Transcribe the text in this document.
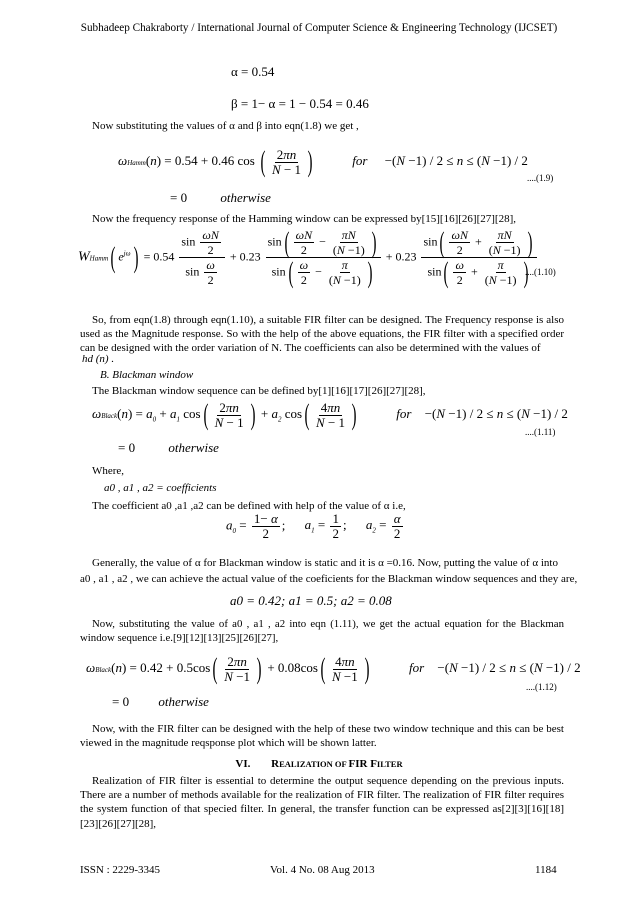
Subhadeep Chakraborty / International Journal of Computer Science & Engineering Technology (IJCSET)
α = 0.54
β = 1− α = 1 − 0.54 = 0.46
Now substituting the values of α and β into eqn(1.8) we get ,
ωHamm(n) = 0.54 + 0.46 cos ( $\frac{2\pi n}{N - 1}$ )	for −(N −1) / 2 ≤ n ≤ (N −1) / 2
= 0 otherwise
....(1.9)
Now the frequency response of the Hamming window can be expressed by[15][16][26][27][28],
WHamm( $e^{j\omega}) = 0.54 \frac{\sin \frac{\omega N}{2}}{\sin \frac{\omega}{2}} + 0.23 \frac{\sin( \frac{\omega N}{2} - \frac{\pi N}{(N -1)} )}{\sin( \frac{\omega}{2} - \frac{\pi}{(N -1)} )} + 0.23 \frac{\sin( \frac{\omega N}{2} + \frac{\pi N}{(N -1)} )}{\sin( \frac{\omega}{2} + \frac{\pi}{(N -1)} )}$
....(1.10)
So, from eqn(1.8) through eqn(1.10), a suitable FIR filter can be designed. The Frequency response is also used as the Magnitude response. So with the help of the above equations, the FIR filter with a specified order can be designed with the order variation of N. The coefficients can also be determined with the values of
hd (n) .
B. Blackman window
The Blackman window sequence can be defined by[1][16][17][26][27][28],
ωBlack(n) = $a_0 + a_1$ $\cos( \frac{2\pi n}{N - 1}$ ) + $a_2$ $\cos( \frac{4\pi n}{N - 1}$ )	for −(N −1) / 2 ≤ n ≤ (N −1) / 2
= 0 otherwise
....(1.11)
Where,
a0 , a1 , a2 = coefficients
The coefficient a0 ,a1 ,a2 can be defined with help of the value of α i.e,
$a_0 = \frac{1- \alpha}{2}$ ; $a_1 = \frac{1}{2}$ ; $a_2 = \frac{\alpha}{2}$
Generally, the value of α for Blackman window is static and it is α =0.16. Now, putting the value of α into
a0 , a1 , a2 , we can achieve the actual value of the coeficients for the Blackman window sequences and they are,
a0 = 0.42; a1 = 0.5; a2 = 0.08
Now, substituting the value of a0 , a1 , a2 into eqn (1.11), we get the actual equation for the Blackman window sequence i.e.[9][12][13][25][26][27],
ωBlack(n) = $0.42 + 0.5\cos( \frac{2\pi n}{N -1}$ ) + $0.08\cos( \frac{4\pi n}{N -1}$ )	for −(N −1) / 2 ≤ n ≤ (N −1) / 2
= 0 otherwise
....(1.12)
Now, with the FIR filter can be designed with the help of these two window technique and this can be best viewed in the magnitude reqsponse plot which will be shown latter.
VI. REALIZATION OF FIR FILTER
Realization of FIR filter is essential to determine the output sequence depending on the previous inputs. There are a number of methods available for the realization of FIR filter. The realization of FIR filter requires the system function of that specied filter. In general, the transfer function can be expressed as[2][3][16][18][23][26][27][28],
ISSN : 2229-3345	Vol. 4 No. 08 Aug 2013	1184
